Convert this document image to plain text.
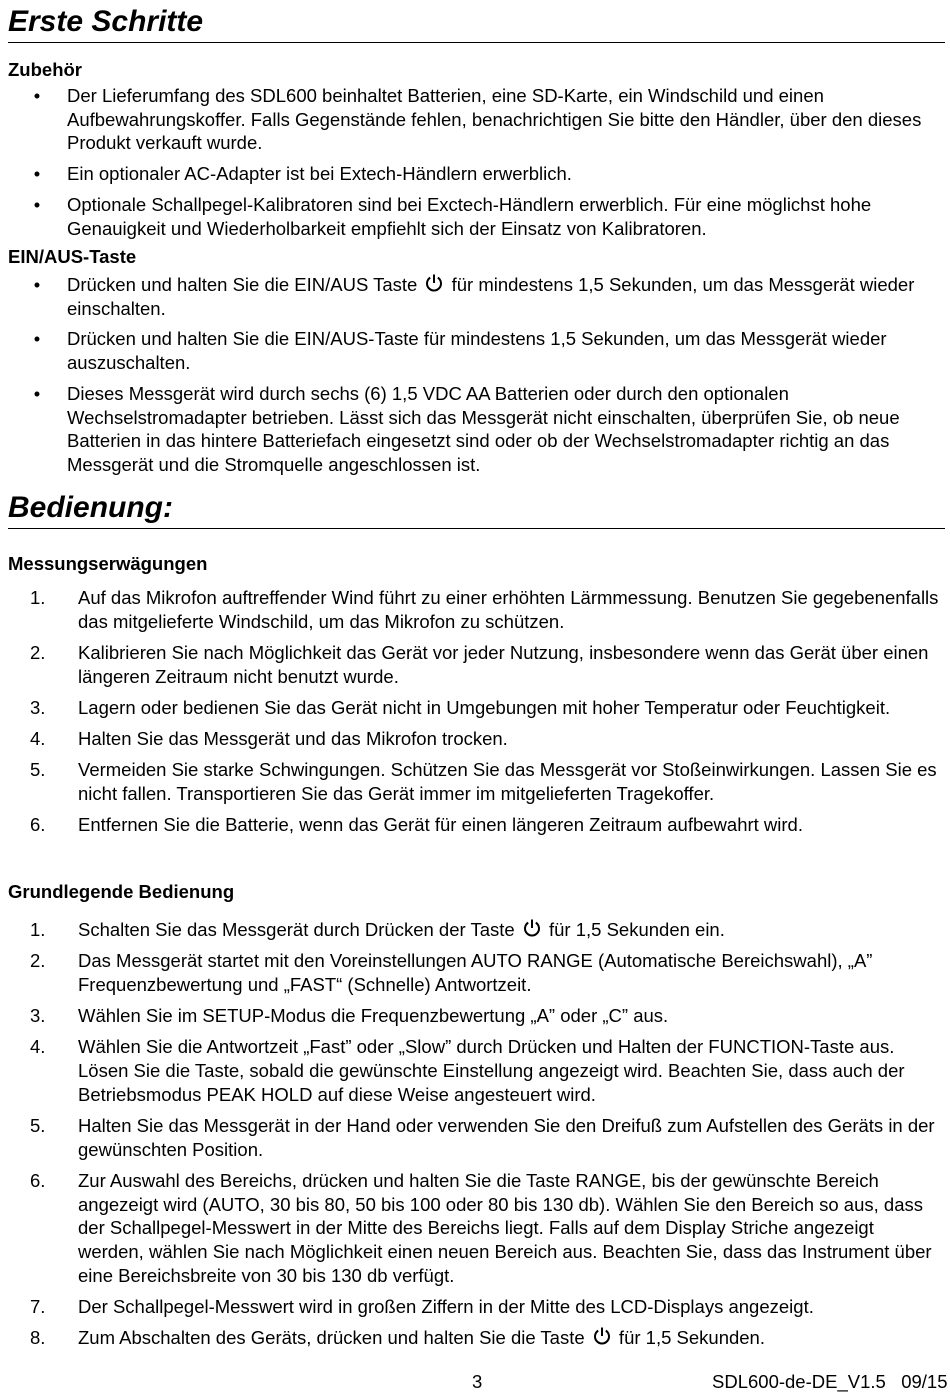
Erste Schritte
Zubehör
• Der Lieferumfang des SDL600 beinhaltet Batterien, eine SD-Karte, ein Windschild und einen Aufbewahrungskoffer. Falls Gegenstände fehlen, benachrichtigen Sie bitte den Händler, über den dieses Produkt verkauft wurde.
• Ein optionaler AC-Adapter ist bei Extech-Händlern erwerblich.
• Optionale Schallpegel-Kalibratoren sind bei Exctech-Händlern erwerblich. Für eine möglichst hohe Genauigkeit und Wiederholbarkeit empfiehlt sich der Einsatz von Kalibratoren.
EIN/AUS-Taste
• Drücken und halten Sie die EIN/AUS Taste  für mindestens 1,5 Sekunden, um das Messgerät wieder einschalten.
• Drücken und halten Sie die EIN/AUS-Taste für mindestens 1,5 Sekunden, um das Messgerät wieder auszuschalten.
• Dieses Messgerät wird durch sechs (6) 1,5 VDC AA Batterien oder durch den optionalen Wechselstromadapter betrieben. Lässt sich das Messgerät nicht einschalten, überprüfen Sie, ob neue Batterien in das hintere Batteriefach eingesetzt sind oder ob der Wechselstromadapter richtig an das Messgerät und die Stromquelle angeschlossen ist.
Bedienung:
Messungserwägungen
1. Auf das Mikrofon auftreffender Wind führt zu einer erhöhten Lärmmessung. Benutzen Sie gegebenenfalls das mitgelieferte Windschild, um das Mikrofon zu schützen.
2. Kalibrieren Sie nach Möglichkeit das Gerät vor jeder Nutzung, insbesondere wenn das Gerät über einen längeren Zeitraum nicht benutzt wurde.
3. Lagern oder bedienen Sie das Gerät nicht in Umgebungen mit hoher Temperatur oder Feuchtigkeit.
4. Halten Sie das Messgerät und das Mikrofon trocken.
5. Vermeiden Sie starke Schwingungen. Schützen Sie das Messgerät vor Stoßeinwirkungen. Lassen Sie es nicht fallen. Transportieren Sie das Gerät immer im mitgelieferten Tragekoffer.
6. Entfernen Sie die Batterie, wenn das Gerät für einen längeren Zeitraum aufbewahrt wird.
Grundlegende Bedienung
1. Schalten Sie das Messgerät durch Drücken der Taste  für 1,5 Sekunden ein.
2. Das Messgerät startet mit den Voreinstellungen AUTO RANGE (Automatische Bereichswahl), „A” Frequenzbewertung und „FAST“ (Schnelle) Antwortzeit.
3. Wählen Sie im SETUP-Modus die Frequenzbewertung „A” oder „C” aus.
4. Wählen Sie die Antwortzeit „Fast” oder „Slow” durch Drücken und Halten der FUNCTION-Taste aus. Lösen Sie die Taste, sobald die gewünschte Einstellung angezeigt wird. Beachten Sie, dass auch der Betriebsmodus PEAK HOLD auf diese Weise angesteuert wird.
5. Halten Sie das Messgerät in der Hand oder verwenden Sie den Dreifuß zum Aufstellen des Geräts in der gewünschten Position.
6. Zur Auswahl des Bereichs, drücken und halten Sie die Taste RANGE, bis der gewünschte Bereich angezeigt wird (AUTO, 30 bis 80, 50 bis 100 oder 80 bis 130 db). Wählen Sie den Bereich so aus, dass der Schallpegel-Messwert in der Mitte des Bereichs liegt. Falls auf dem Display Striche angezeigt werden, wählen Sie nach Möglichkeit einen neuen Bereich aus. Beachten Sie, dass das Instrument über eine Bereichsbreite von 30 bis 130 db verfügt.
7. Der Schallpegel-Messwert wird in großen Ziffern in der Mitte des LCD-Displays angezeigt.
8. Zum Abschalten des Geräts, drücken und halten Sie die Taste  für 1,5 Sekunden.
3	SDL600-de-DE_V1.5   09/15
